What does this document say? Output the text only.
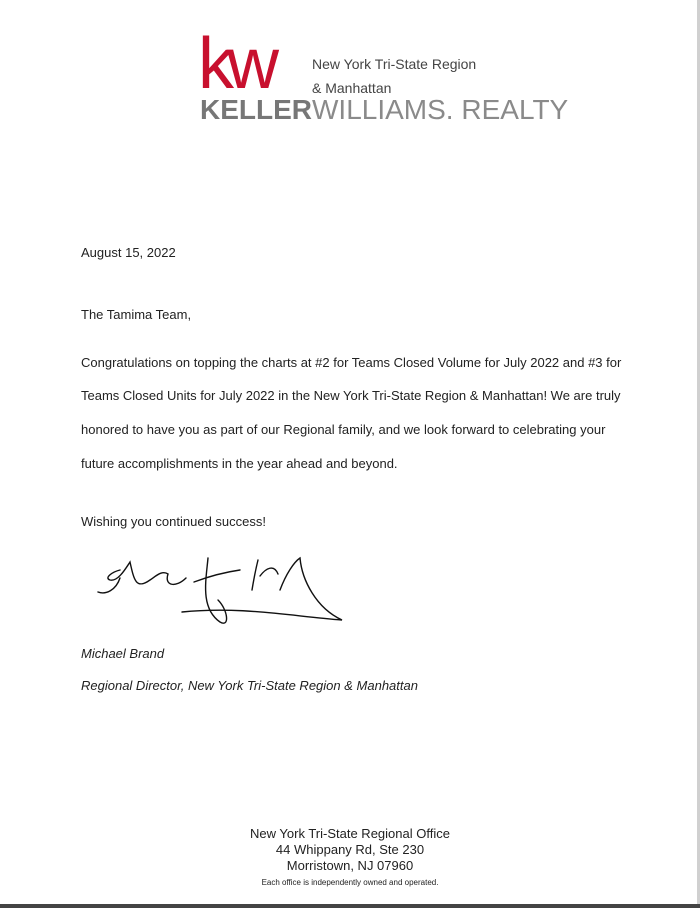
kw	New York Tri-State Region
& Manhattan
KELLERWILLIAMS. REALTY
August 15, 2022
The Tamima Team,
Congratulations on topping the charts at #2 for Teams Closed Volume for July 2022 and #3 for
Teams Closed Units for July 2022 in the New York Tri-State Region & Manhattan! We are truly
honored to have you as part of our Regional family, and we look forward to celebrating your
future accomplishments in the year ahead and beyond.
Wishing you continued success!
Michael Brand
Regional Director, New York Tri-State Region & Manhattan
New York Tri-State Regional Office
44 Whippany Rd, Ste 230
Morristown, NJ 07960
Each office is independently owned and operated.
